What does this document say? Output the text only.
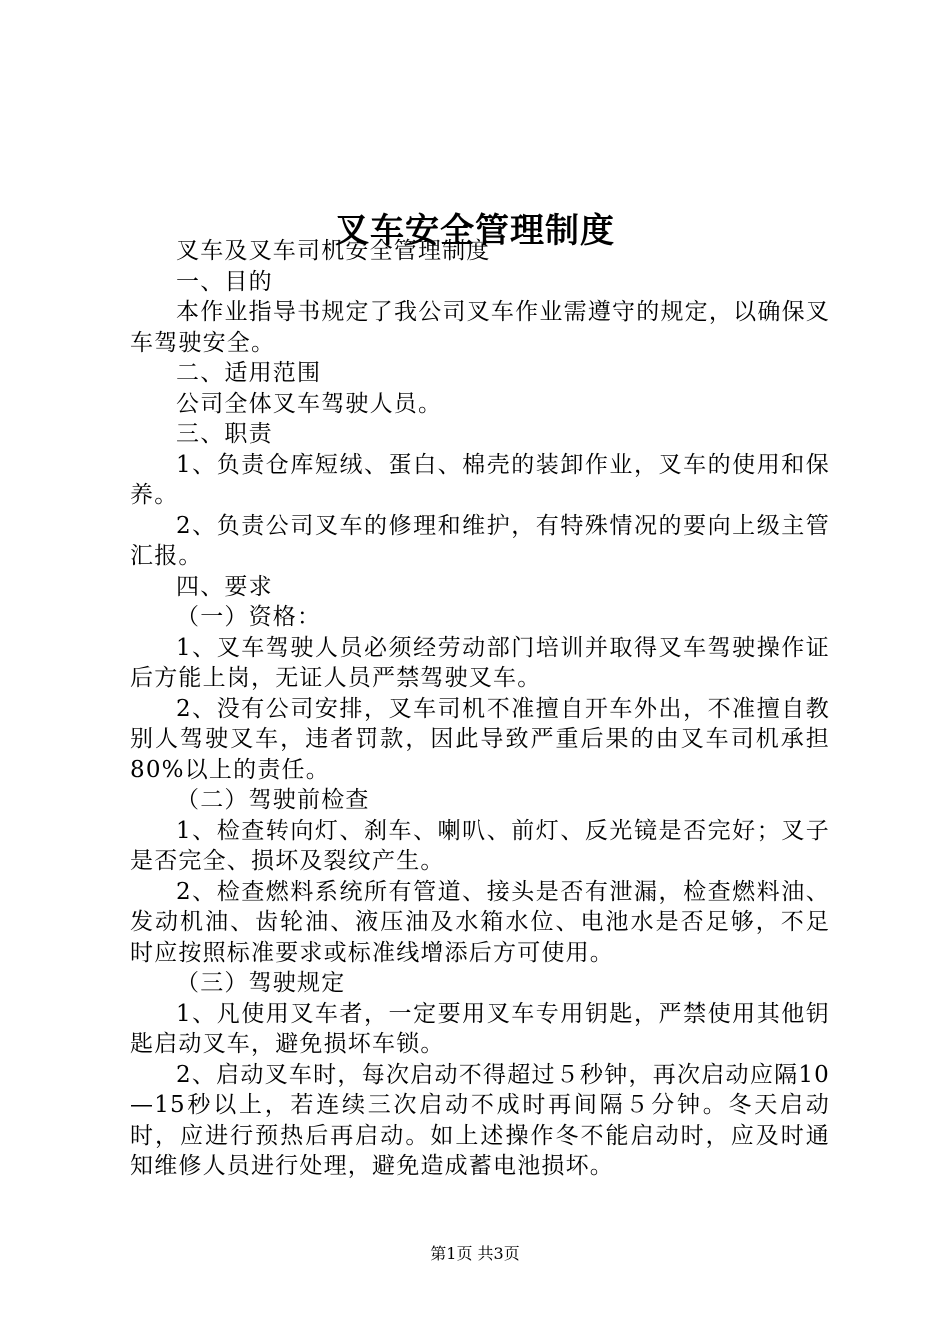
叉车安全管理制度

叉车及叉车司机安全管理制度

一、目的

本作业指导书规定了我公司叉车作业需遵守的规定，以确保叉车驾驶安全。

二、适用范围

公司全体叉车驾驶人员。

三、职责

1、负责仓库短绒、蛋白、棉壳的装卸作业，叉车的使用和保养。

2、负责公司叉车的修理和维护，有特殊情况的要向上级主管汇报。

四、要求

（一）资格：

1、叉车驾驶人员必须经劳动部门培训并取得叉车驾驶操作证后方能上岗，无证人员严禁驾驶叉车。

2、没有公司安排，叉车司机不准擅自开车外出，不准擅自教别人驾驶叉车，违者罚款，因此导致严重后果的由叉车司机承担80%以上的责任。

（二）驾驶前检查

1、检查转向灯、刹车、喇叭、前灯、反光镜是否完好；叉子是否完全、损坏及裂纹产生。

2、检查燃料系统所有管道、接头是否有泄漏，检查燃料油、发动机油、齿轮油、液压油及水箱水位、电池水是否足够，不足时应按照标准要求或标准线增添后方可使用。

（三）驾驶规定

1、凡使用叉车者，一定要用叉车专用钥匙，严禁使用其他钥匙启动叉车，避免损坏车锁。

2、启动叉车时，每次启动不得超过５秒钟，再次启动应隔10—15秒以上，若连续三次启动不成时再间隔５分钟。冬天启动时，应进行预热后再启动。如上述操作冬不能启动时，应及时通知维修人员进行处理，避免造成蓄电池损坏。

第1页 共3页
